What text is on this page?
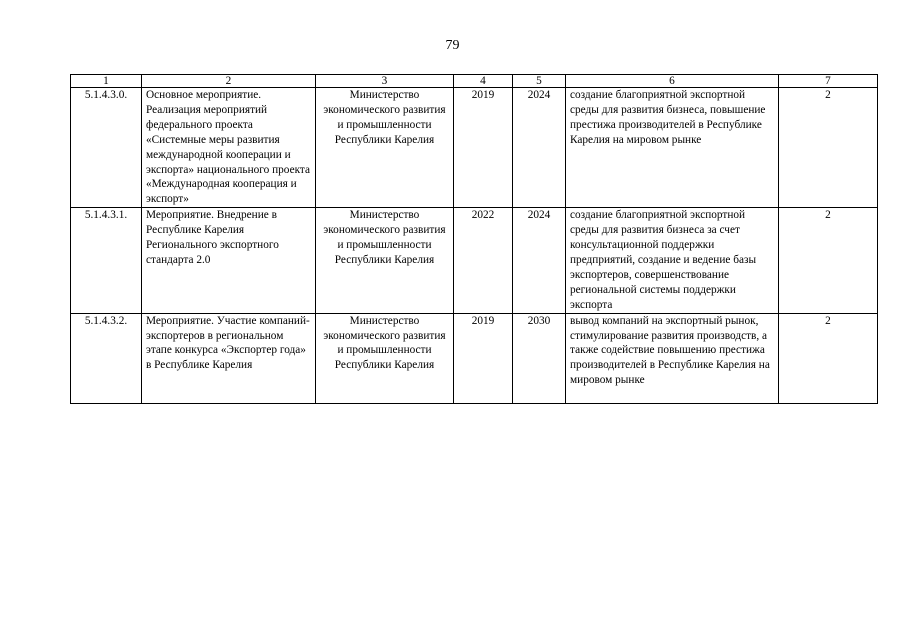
79
1	2	3	4	5	6	7
5.1.4.3.0.	Основное мероприятие. Реализация мероприятий федерального проекта «Системные меры развития международной кооперации и экспорта» национального проекта «Международная кооперация и экспорт»	Министерство экономического развития и промышленности Республики Карелия	2019	2024	создание благоприятной экспортной среды для развития бизнеса, повышение престижа производителей в Республике Карелия на мировом рынке	2
5.1.4.3.1.	Мероприятие. Внедрение в Республике Карелия Регионального экспортного стандарта 2.0	Министерство экономического развития и промышленности Республики Карелия	2022	2024	создание благоприятной экспортной среды для развития бизнеса за счет консультационной поддержки предприятий, создание и ведение базы экспортеров, совершенствование региональной системы поддержки экспорта	2
5.1.4.3.2.	Мероприятие. Участие компаний-экспортеров в региональном этапе конкурса «Экспортер года» в Республике Карелия	Министерство экономического развития и промышленности Республики Карелия	2019	2030	вывод компаний на экспортный рынок, стимулирование развития производств, а также содействие повышению престижа производителей в Республике Карелия на мировом рынке	2
